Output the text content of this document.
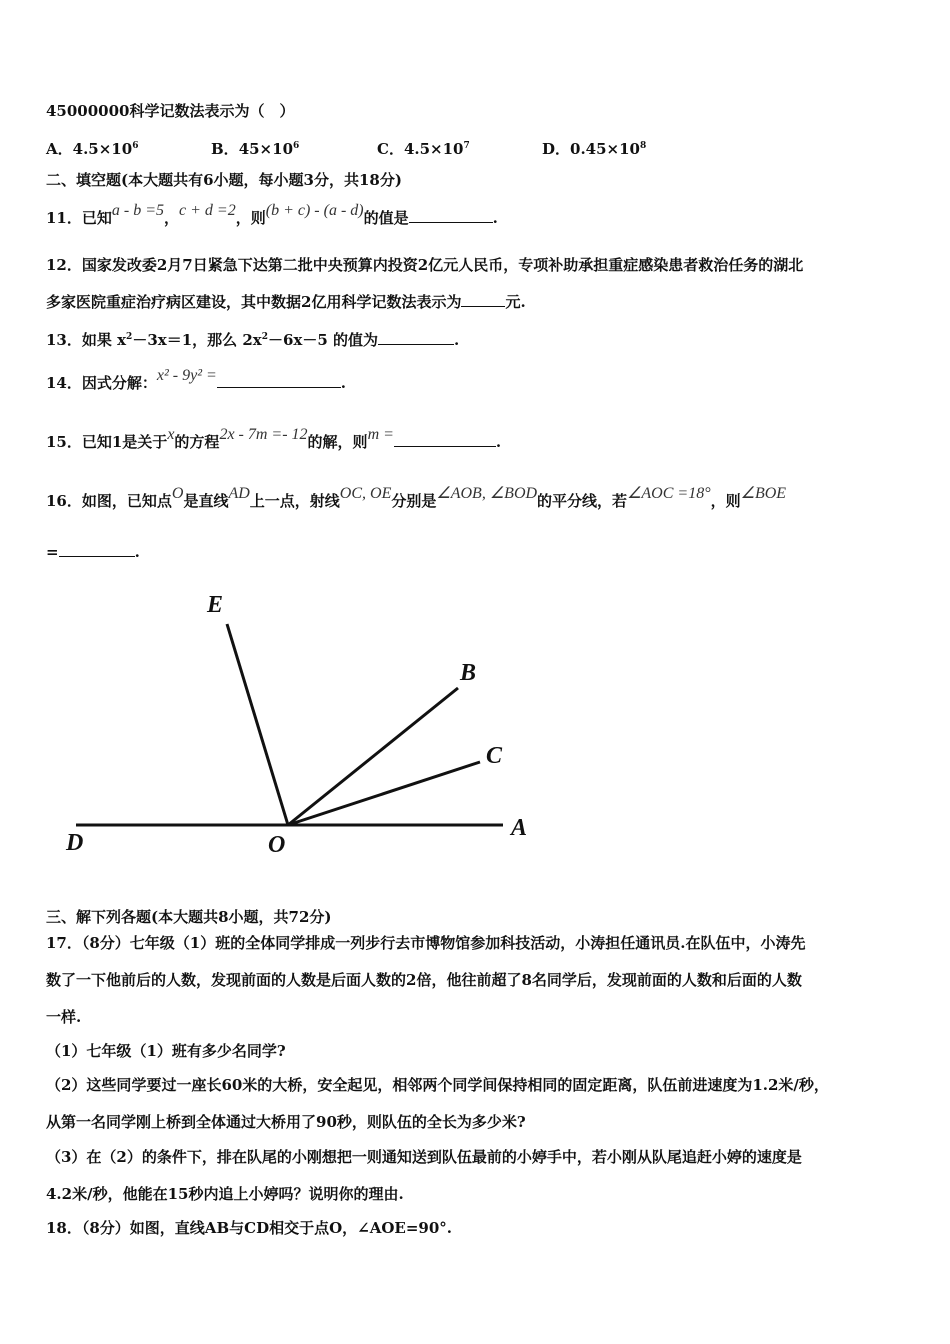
45000000科学记数法表示为（　）
A．$4.5\times 10^6$	B．$45\times 10^6$	C．$4.5\times 10^7$	D．$0.45\times 10^8$
二、填空题(本大题共有6小题，每小题3分，共18分)
11．已知a - b =5，c + d =2，则(b + c) - (a - d)的值是	.
12．国家发改委2月7日紧急下达第二批中央预算内投资2亿元人民币，专项补助承担重症感染患者救治任务的湖北
多家医院重症治疗病区建设，其中数据2亿用科学记数法表示为	元.
13．如果 $x^2-3x=1$，那么 $2x^2-6x-5$ 的值为	.
14．因式分解：x² - 9y² =	.
15．已知1是关于x的方程2x - 7m =- 12的解，则m =	.
16．如图，已知点O是直线AD上一点，射线OC, OE分别是∠AOB, ∠BOD的平分线，若∠AOC =18°，则∠BOE
=	.
E
B
C
D	O
A
三、解下列各题(本大题共8小题，共72分)
17．（8分）七年级（1）班的全体同学排成一列步行去市博物馆参加科技活动，小涛担任通讯员.在队伍中，小涛先
数了一下他前后的人数，发现前面的人数是后面人数的2倍，他往前超了8名同学后，发现前面的人数和后面的人数
一样.
（1）七年级（1）班有多少名同学?
（2）这些同学要过一座长60米的大桥，安全起见，相邻两个同学间保持相同的固定距离，队伍前进速度为1.2米/秒，
从第一名同学刚上桥到全体通过大桥用了90秒，则队伍的全长为多少米?
（3）在（2）的条件下，排在队尾的小刚想把一则通知送到队伍最前的小婷手中，若小刚从队尾追赶小婷的速度是
4.2米/秒，他能在15秒内追上小婷吗？说明你的理由.
18．（8分）如图，直线AB与CD相交于点O，∠AOE=90°.
